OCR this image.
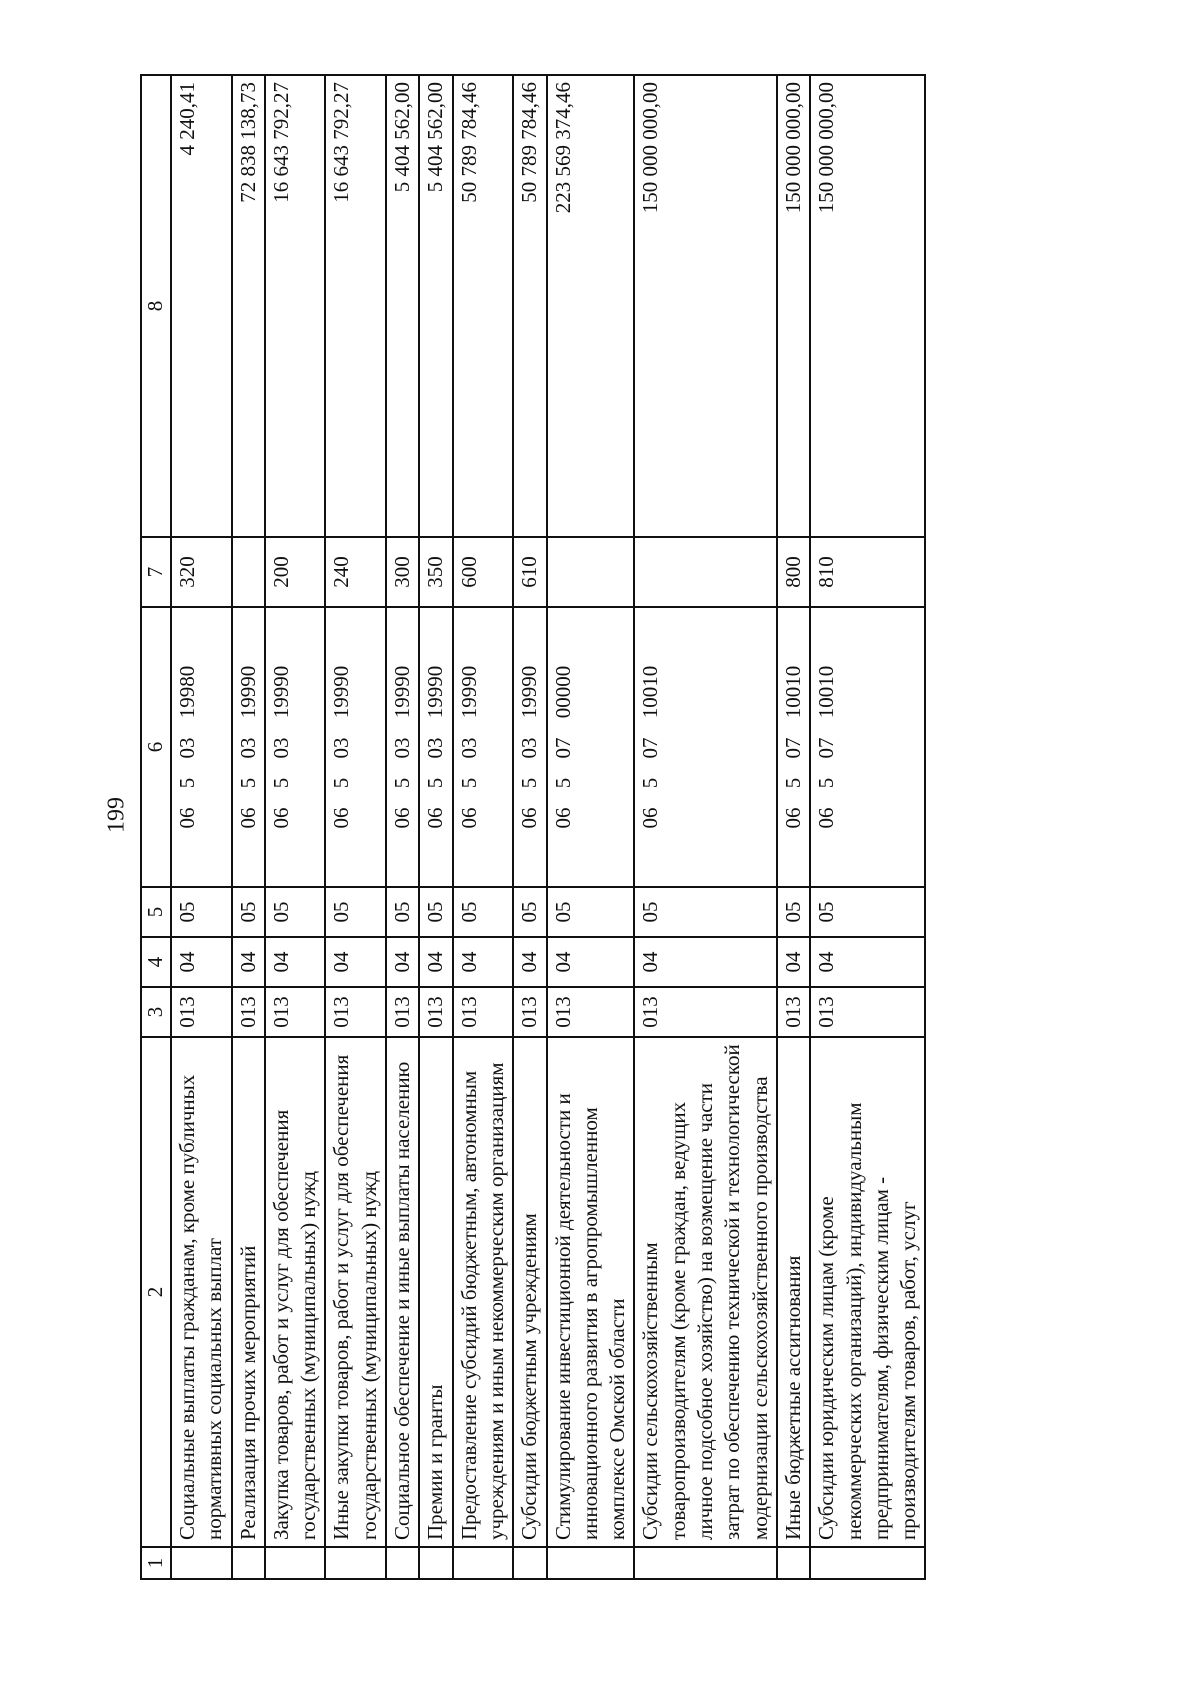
199
1	2	3	4	5	6	7	8
	Социальные выплаты гражданам, кроме публичных нормативных социальных выплат	013	04	05	0650319980	320	4 240,41
	Реализация прочих мероприятий	013	04	05	0650319990		72 838 138,73
	Закупка товаров, работ и услуг для обеспечения государственных (муниципальных) нужд	013	04	05	0650319990	200	16 643 792,27
	Иные закупки товаров, работ и услуг для обеспечения государственных (муниципальных) нужд	013	04	05	0650319990	240	16 643 792,27
	Социальное обеспечение и иные выплаты населению	013	04	05	0650319990	300	5 404 562,00
	Премии и гранты	013	04	05	0650319990	350	5 404 562,00
	Предоставление субсидий бюджетным, автономным учреждениям и иным некоммерческим организациям	013	04	05	0650319990	600	50 789 784,46
	Субсидии бюджетным учреждениям	013	04	05	0650319990	610	50 789 784,46
	Стимулирование инвестиционной деятельности и инновационного развития в агропромышленном комплексе Омской области	013	04	05	0650700000		223 569 374,46
	Субсидии сельскохозяйственным товаропроизводителям (кроме граждан, ведущих личное подсобное хозяйство) на возмещение части затрат по обеспечению технической и технологической модернизации сельскохозяйственного производства	013	04	05	0650710010		150 000 000,00
	Иные бюджетные ассигнования	013	04	05	0650710010	800	150 000 000,00
	Субсидии юридическим лицам (кроме некоммерческих организаций), индивидуальным предпринимателям, физическим лицам - производителям товаров, работ, услуг	013	04	05	0650710010	810	150 000 000,00
